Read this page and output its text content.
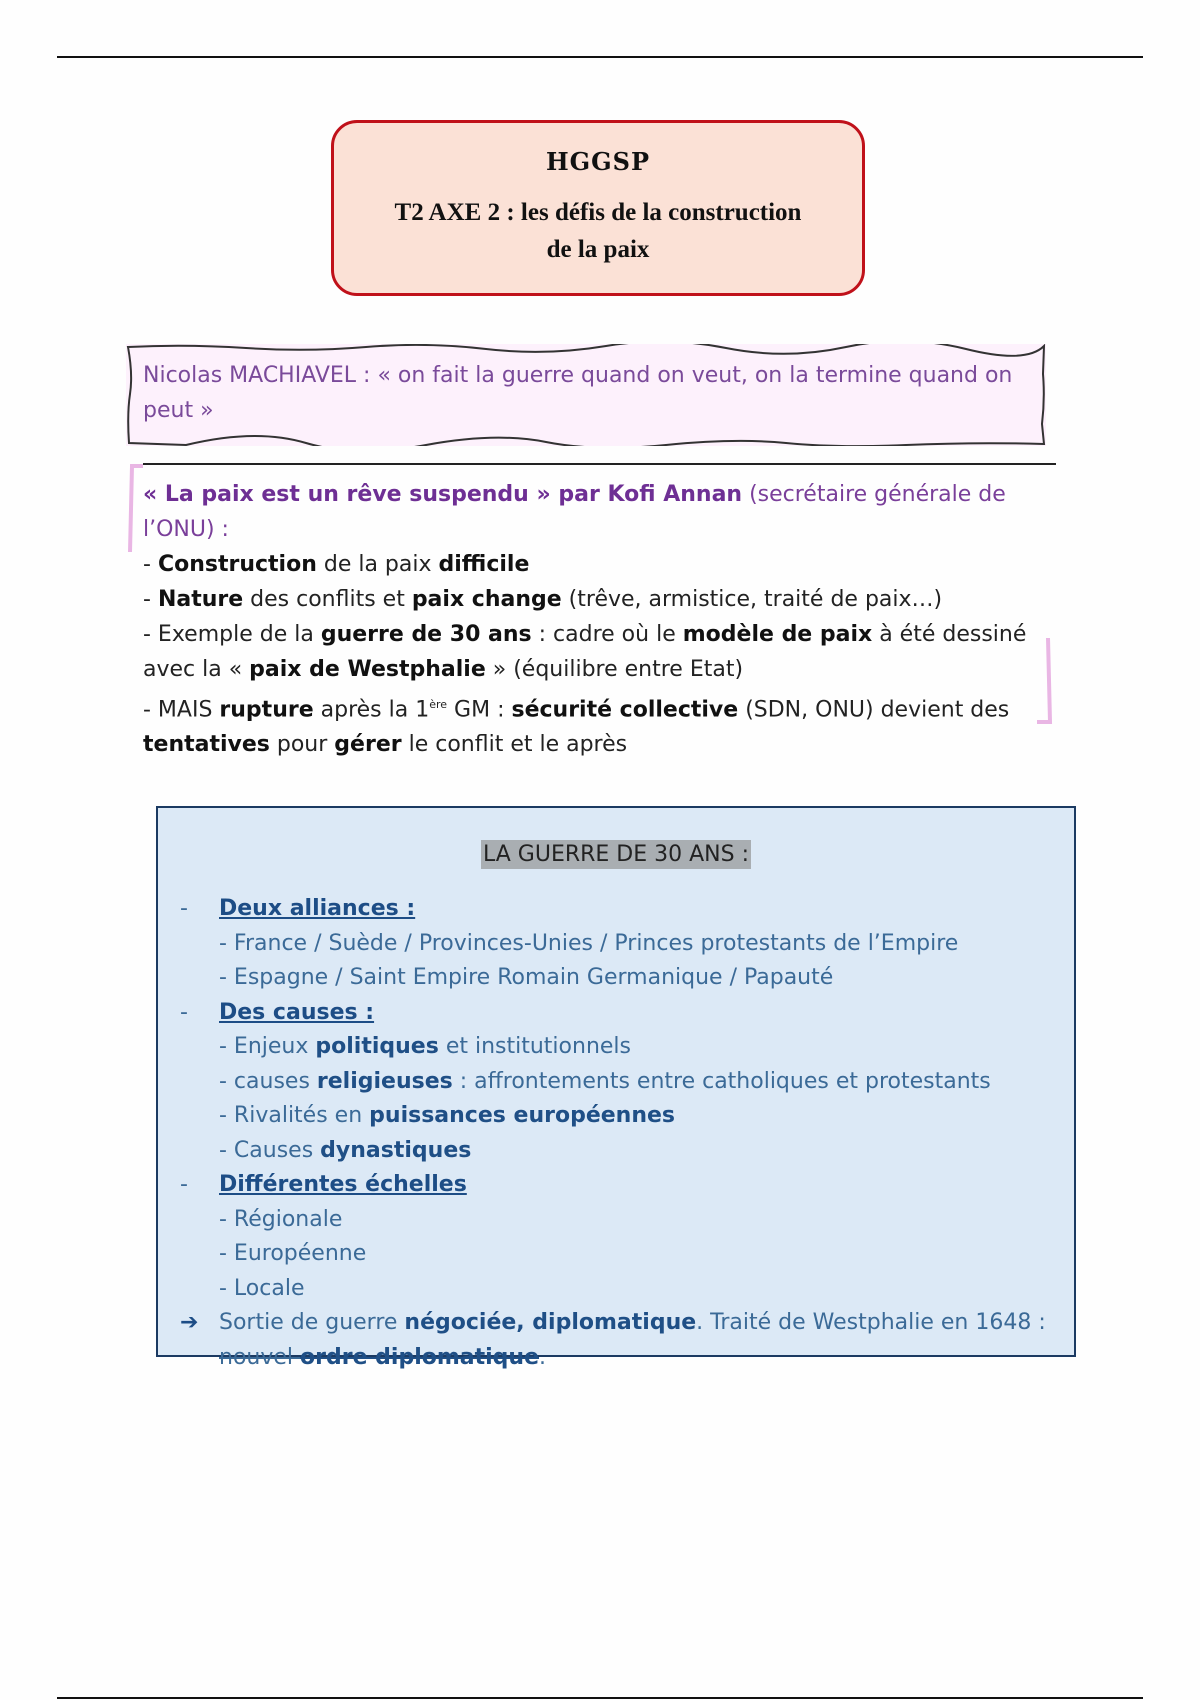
HGGSP
T2 AXE 2 : les défis de la construction de la paix
Nicolas MACHIAVEL : « on fait la guerre quand on veut, on la termine quand on peut »

« La paix est un rêve suspendu » par Kofi Annan (secrétaire générale de l’ONU) :

- Construction de la paix difficile

- Nature des conflits et paix change (trêve, armistice, traité de paix…)

- Exemple de la guerre de 30 ans : cadre où le modèle de paix à été dessiné avec la « paix de Westphalie » (équilibre entre Etat)

- MAIS rupture après la 1ère GM : sécurité collective (SDN, ONU) devient des tentatives pour gérer le conflit et le après

LA GUERRE DE 30 ANS :
- Deux alliances :
- France / Suède / Provinces-Unies / Princes protestants de l’Empire
- Espagne / Saint Empire Romain Germanique / Papauté
- Des causes :
- Enjeux politiques et institutionnels
- causes religieuses : affrontements entre catholiques et protestants
- Rivalités en puissances européennes
- Causes dynastiques
- Différentes échelles
- Régionale
- Européenne
- Locale
➔ Sortie de guerre négociée, diplomatique. Traité de Westphalie en 1648 : nouvel ordre diplomatique.
